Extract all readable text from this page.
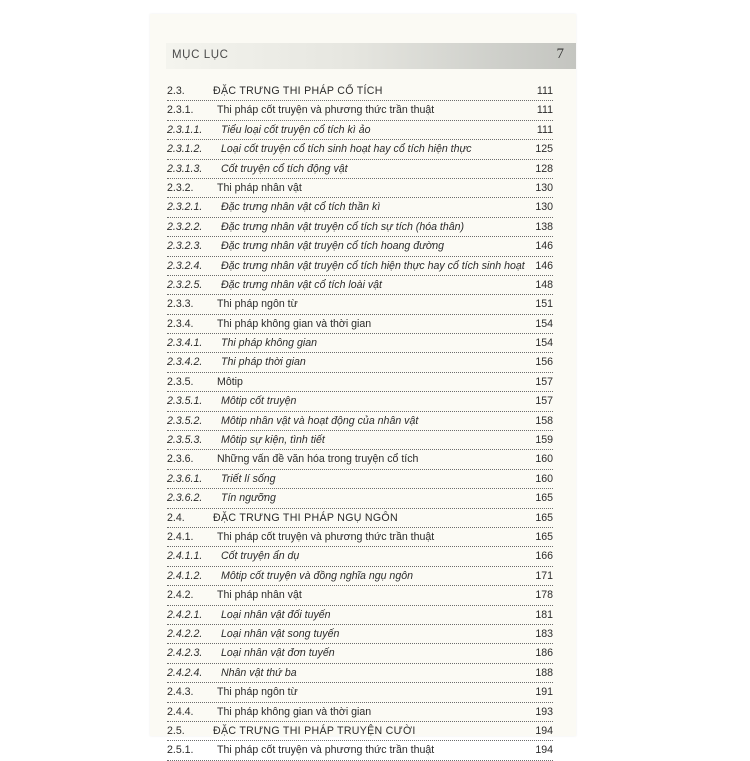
MỤC LỤC	7
2.3.	ĐẶC TRƯNG THI PHÁP CỔ TÍCH	111
2.3.1. Thi pháp cốt truyện và phương thức trần thuật	111
2.3.1.1. Tiểu loại cốt truyện cổ tích kì ảo	111
2.3.1.2. Loại cốt truyện cổ tích sinh hoạt hay cổ tích hiện thực	125
2.3.1.3. Cốt truyện cổ tích động vật	128
2.3.2. Thi pháp nhân vật	130
2.3.2.1. Đặc trưng nhân vật cổ tích thần kì	130
2.3.2.2. Đặc trưng nhân vật truyện cổ tích sự tích (hóa thân)	138
2.3.2.3. Đặc trưng nhân vật truyện cổ tích hoang đường	146
2.3.2.4. Đặc trưng nhân vật truyện cổ tích hiện thực hay cổ tích sinh hoạt 146
2.3.2.5. Đặc trưng nhân vật cổ tích loài vật	148
2.3.3. Thi pháp ngôn từ	151
2.3.4. Thi pháp không gian và thời gian	154
2.3.4.1. Thi pháp không gian	154
2.3.4.2. Thi pháp thời gian	156
2.3.5. Môtip	157
2.3.5.1. Môtip cốt truyện	157
2.3.5.2. Môtip nhân vật và hoạt động của nhân vật	158
2.3.5.3. Môtip sự kiện, tình tiết	159
2.3.6. Những vấn đề văn hóa trong truyện cổ tích	160
2.3.6.1. Triết lí sống	160
2.3.6.2. Tín ngưỡng	165
2.4.	ĐẶC TRƯNG THI PHÁP NGỤ NGÔN	165
2.4.1. Thi pháp cốt truyện và phương thức trần thuật	165
2.4.1.1. Cốt truyện ẩn dụ	166
2.4.1.2. Môtip cốt truyện và đồng nghĩa ngụ ngôn	171
2.4.2. Thi pháp nhân vật	178
2.4.2.1. Loại nhân vật đối tuyến	181
2.4.2.2. Loại nhân vật song tuyến	183
2.4.2.3. Loại nhân vật đơn tuyến	186
2.4.2.4. Nhân vật thứ ba	188
2.4.3. Thi pháp ngôn từ	191
2.4.4. Thi pháp không gian và thời gian	193
2.5.	ĐẶC TRƯNG THI PHÁP TRUYỆN CƯỜI	194
2.5.1. Thi pháp cốt truyện và phương thức trần thuật	194
